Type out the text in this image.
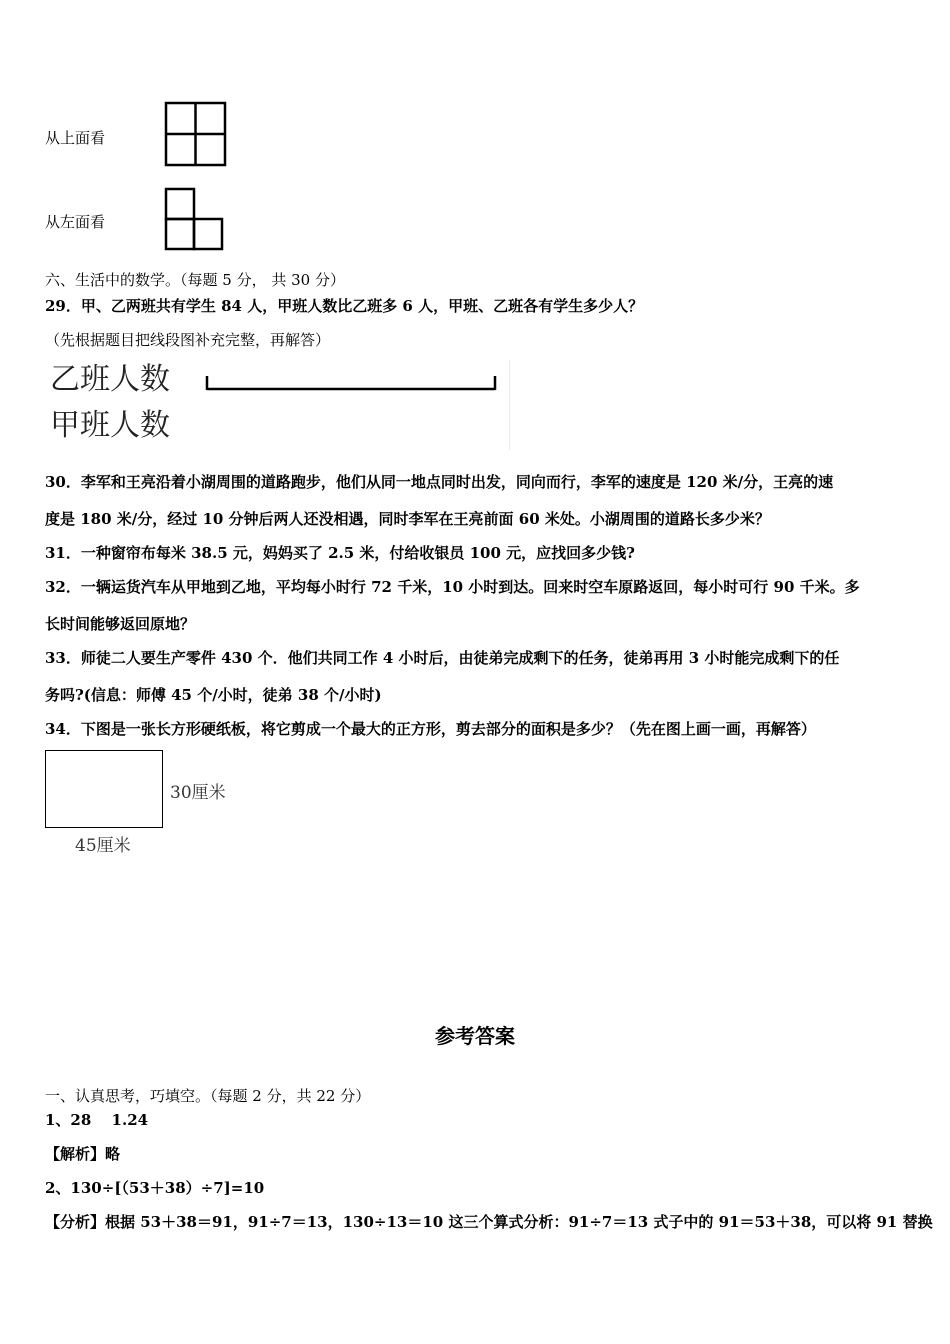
从上面看
从左面看
六、生活中的数学。（每题 5 分， 共 30 分）
29．甲、乙两班共有学生 84 人，甲班人数比乙班多 6 人，甲班、乙班各有学生多少人？
（先根据题目把线段图补充完整，再解答）
乙班人数
甲班人数
30．李军和王亮沿着小湖周围的道路跑步，他们从同一地点同时出发，同向而行，李军的速度是 120 米/分，王亮的速
度是 180 米/分，经过 10 分钟后两人还没相遇，同时李军在王亮前面 60 米处。小湖周围的道路长多少米？
31．一种窗帘布每米 38.5 元，妈妈买了 2.5 米，付给收银员 100 元，应找回多少钱?
32．一辆运货汽车从甲地到乙地，平均每小时行 72 千米，10 小时到达。回来时空车原路返回，每小时可行 90 千米。多
长时间能够返回原地？
33．师徒二人要生产零件 430 个．他们共同工作 4 小时后，由徒弟完成剩下的任务，徒弟再用 3 小时能完成剩下的任
务吗?(信息：师傅 45 个/小时，徒弟 38 个/小时)
34．下图是一张长方形硬纸板，将它剪成一个最大的正方形，剪去部分的面积是多少？（先在图上画一画，再解答）
30厘米
45厘米
参考答案
一、认真思考，巧填空。（每题 2 分，共 22 分）
1、28　 1.24
【解析】略
2、130÷[（53＋38）÷7]=10
【分析】根据 53＋38＝91，91÷7＝13，130÷13＝10 这三个算式分析：91÷7＝13 式子中的 91＝53＋38，可以将 91 替换
